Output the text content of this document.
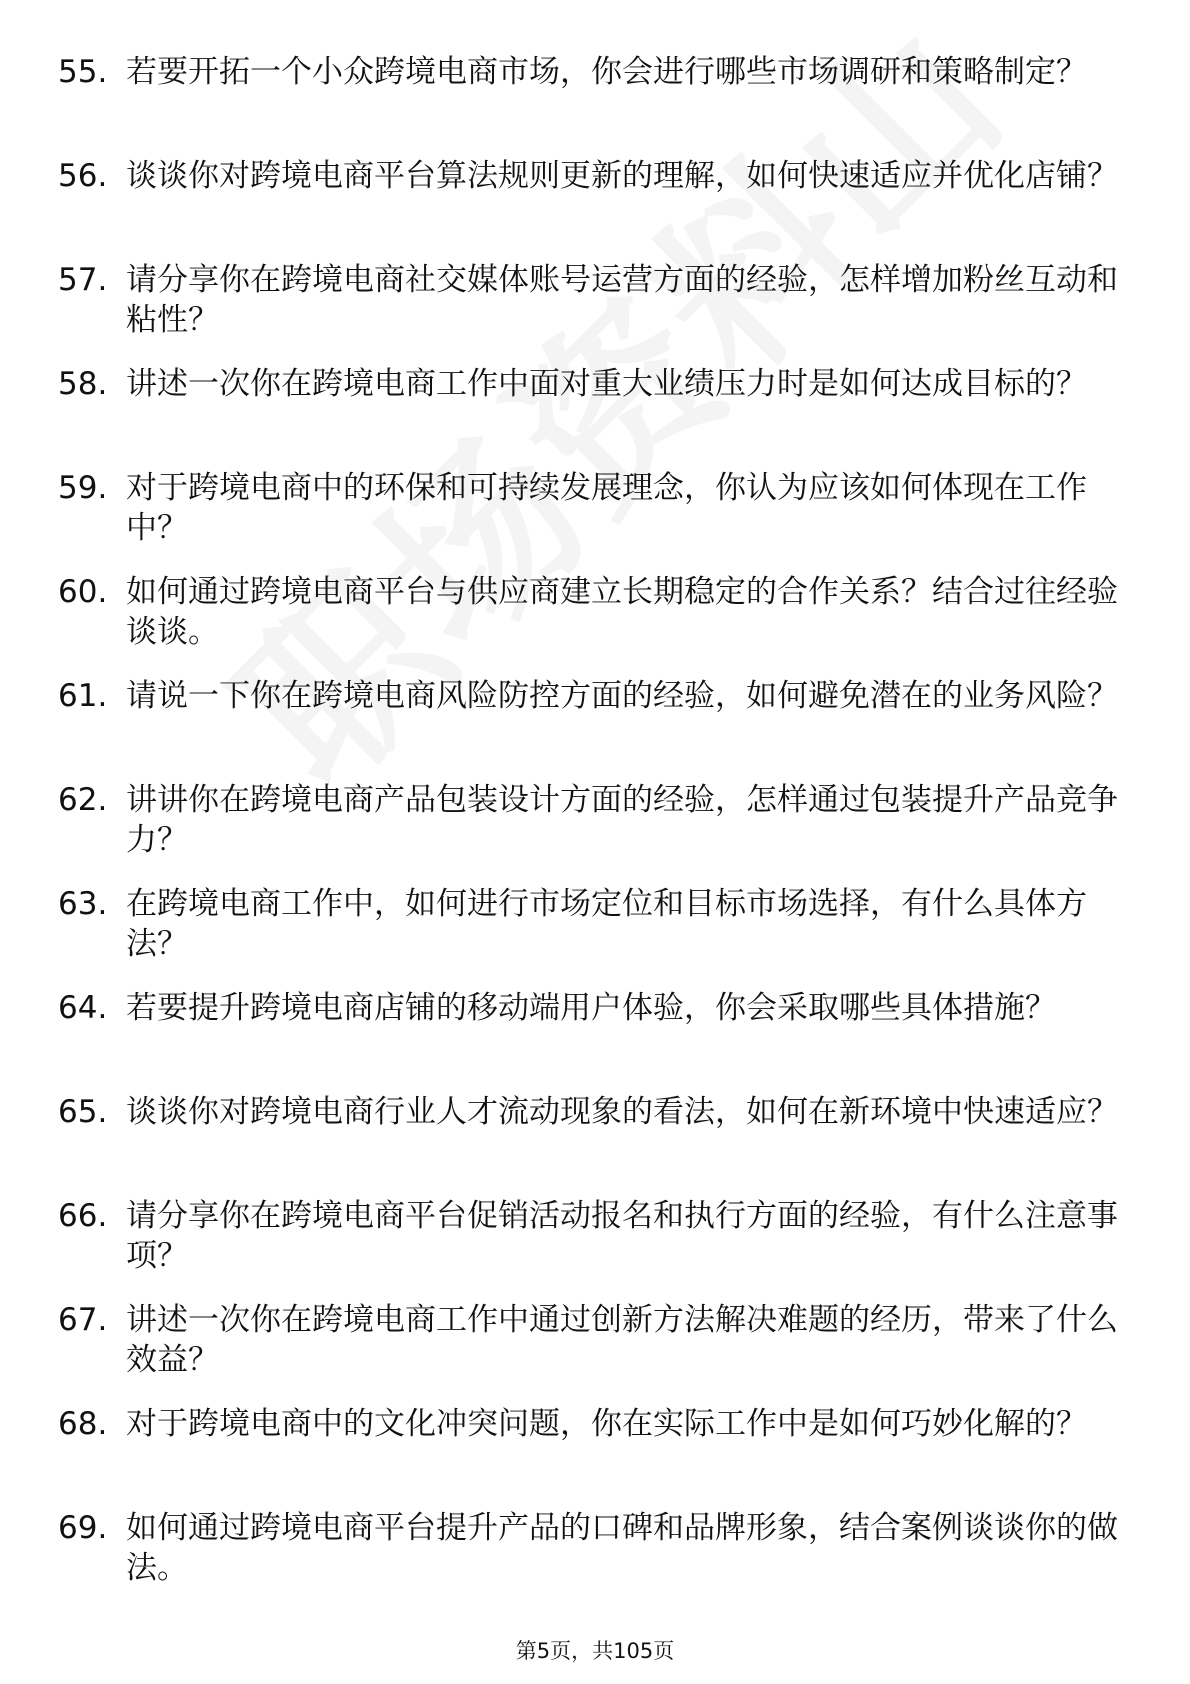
55. 若要开拓一个小众跨境电商市场，你会进行哪些市场调研和策略制定？
56. 谈谈你对跨境电商平台算法规则更新的理解，如何快速适应并优化店铺？
57. 请分享你在跨境电商社交媒体账号运营方面的经验，怎样增加粉丝互动和粘性？
58. 讲述一次你在跨境电商工作中面对重大业绩压力时是如何达成目标的？
59. 对于跨境电商中的环保和可持续发展理念，你认为应该如何体现在工作中？
60. 如何通过跨境电商平台与供应商建立长期稳定的合作关系？结合过往经验谈谈。
61. 请说一下你在跨境电商风险防控方面的经验，如何避免潜在的业务风险？
62. 讲讲你在跨境电商产品包装设计方面的经验，怎样通过包装提升产品竞争力？
63. 在跨境电商工作中，如何进行市场定位和目标市场选择，有什么具体方法？
64. 若要提升跨境电商店铺的移动端用户体验，你会采取哪些具体措施？
65. 谈谈你对跨境电商行业人才流动现象的看法，如何在新环境中快速适应？
66. 请分享你在跨境电商平台促销活动报名和执行方面的经验，有什么注意事项？
67. 讲述一次你在跨境电商工作中通过创新方法解决难题的经历，带来了什么效益？
68. 对于跨境电商中的文化冲突问题，你在实际工作中是如何巧妙化解的？
69. 如何通过跨境电商平台提升产品的口碑和品牌形象，结合案例谈谈你的做法。
第5页，共105页
